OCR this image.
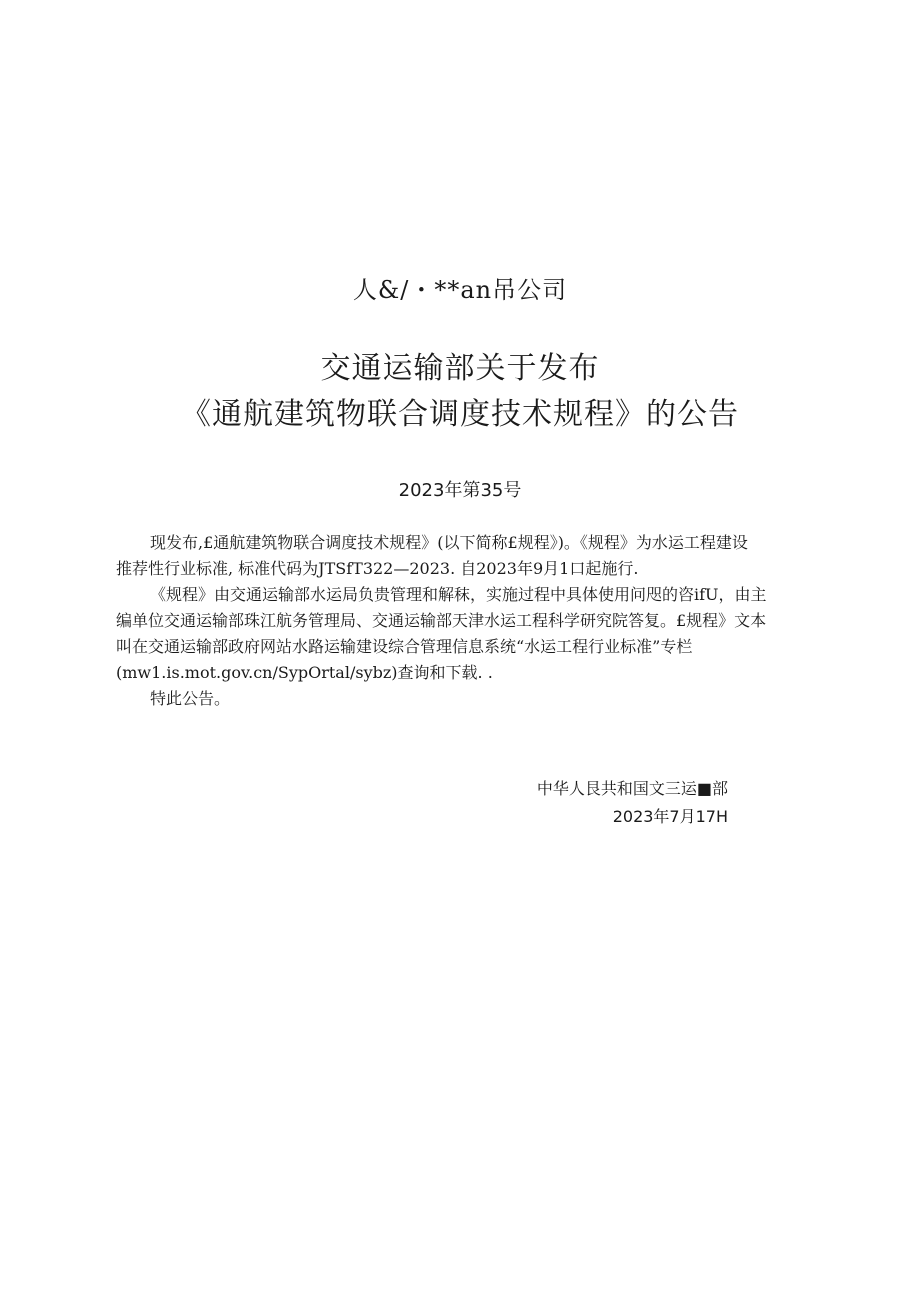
人&/・**an吊公司
交通运输部关于发布
《通航建筑物联合调度技术规程》的公告
2023年第35号
现发布,£通航建筑物联合调度技术规程》(以下简称£规程》)。《规程》为水运工程建设
推荐性行业标准, 标准代码为JTSfT322—2023. 自2023年9月1口起施行.
《规程》由交通运输部水运局负贵管理和解秣，实施过程中具体使用问咫的咨ifU，由主
编单位交通运输部珠江航务管理局、交通运输部天津水运工程科学研究院答复。£规程》文本
叫在交通运输部政府网站水路运输建设综合管理信息系统“水运工程行业标准”专栏
(mw1.is.mot.gov.cn/SypOrtal/sybz)查询和下载. .
特此公告。
中华人艮共和国文三运■部
2023年7月17H
